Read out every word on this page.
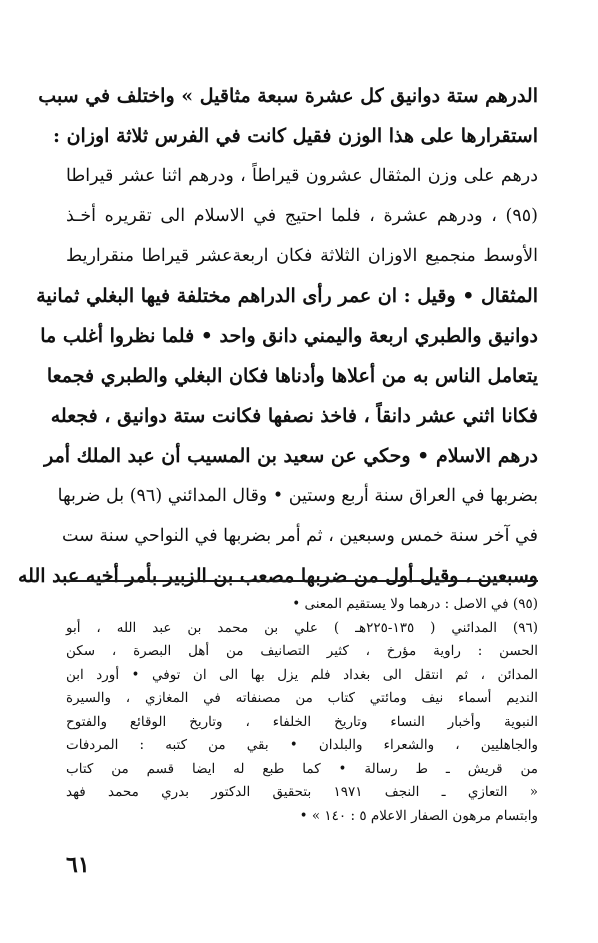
الدرهم ستة دوانيق كل عشرة سبعة مثاقيل » واختلف في سبب
استقرارها على هذا الوزن فقيل كانت في الفرس ثلاثة اوزان :
درهم على وزن المثقال عشرون قيراطاً ، ودرهم اثنا عشر قيراطا
(٩٥) ، ودرهم عشرة ، فلما احتيج في الاسلام الى تقريره أخـذ
الأوسط منجميع الاوزان الثلاثة فكان اربعةعشر قيراطا منقراريط
المثقال • وقيل : ان عمر رأى الدراهم مختلفة فيها البغلي ثمانية
دوانيق والطبري اربعة واليمني دانق واحد • فلما نظروا أغلب ما
يتعامل الناس به من أعلاها وأدناها فكان البغلي والطبري فجمعا
فكانا اثني عشر دانقاً ، فاخذ نصفها فكانت ستة دوانيق ، فجعله
درهم الاسلام • وحكي عن سعيد بن المسيب أن عبد الملك أمر
بضربها في العراق سنة أربع وستين • وقال المدائني (٩٦) بل ضربها
في آخر سنة خمس وسبعين ، ثم أمر بضربها في النواحي سنة ست
وسبعين ، وقيل أول من ضربها مصعب بن الزبير بأمر أخيه عبد الله
(٩٥) في الاصل : درهما ولا يستقيم المعنى •
(٩٦) المدائني ( ١٣٥-٢٢٥هـ ) علي بن محمد بن عبد الله ، أبو
الحسن : راوية مؤرخ ، كثير التصانيف من أهل البصرة ، سكن
المدائن ، ثم انتقل الى بغداد فلم يزل بها الى ان توفي • أورد ابن
النديم أسماء نيف ومائتي كتاب من مصنفاته في المغازي ، والسيرة
النبوية وأخبار النساء وتاريخ الخلفاء ، وتاريخ الوقائع والفتوح
والجاهليين ، والشعراء والبلدان • بقي من كتبه : المردفات
من قريش ـ ط رسالة • كما طبع له ايضا قسم من كتاب
« التعازي ـ النجف ١٩٧١ بتحقيق الدكتور بدري محمد فهد
وابتسام مرهون الصفار الاعلام ٥ : ١٤٠ » •
٦١
